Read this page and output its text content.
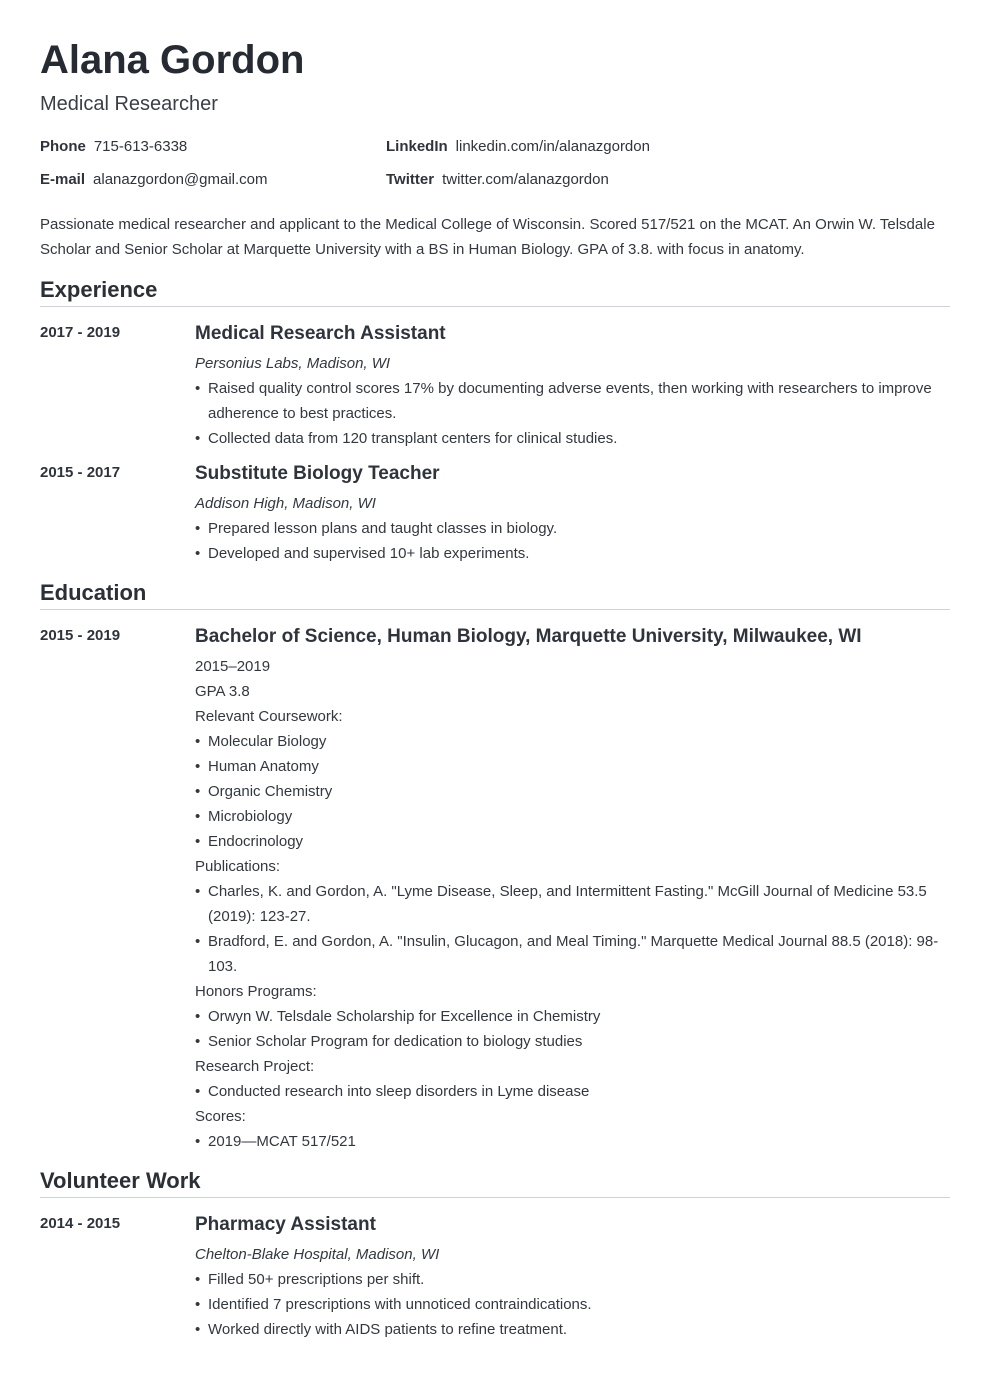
Alana Gordon
Medical Researcher
Phone 715-613-6338
E-mail alanazgordon@gmail.com
LinkedIn linkedin.com/in/alanazgordon
Twitter twitter.com/alanazgordon
Passionate medical researcher and applicant to the Medical College of Wisconsin. Scored 517/521 on the MCAT. An Orwin W. Telsdale Scholar and Senior Scholar at Marquette University with a BS in Human Biology. GPA of 3.8. with focus in anatomy.
Experience
2017 - 2019	Medical Research Assistant
Personius Labs, Madison, WI
• Raised quality control scores 17% by documenting adverse events, then working with researchers to improve adherence to best practices.
• Collected data from 120 transplant centers for clinical studies.
2015 - 2017	Substitute Biology Teacher
Addison High, Madison, WI
• Prepared lesson plans and taught classes in biology.
• Developed and supervised 10+ lab experiments.
Education
2015 - 2019	Bachelor of Science, Human Biology, Marquette University, Milwaukee, WI
2015–2019
GPA 3.8
Relevant Coursework:
• Molecular Biology
• Human Anatomy
• Organic Chemistry
• Microbiology
• Endocrinology
Publications:
• Charles, K. and Gordon, A. "Lyme Disease, Sleep, and Intermittent Fasting." McGill Journal of Medicine 53.5 (2019): 123-27.
• Bradford, E. and Gordon, A. "Insulin, Glucagon, and Meal Timing." Marquette Medical Journal 88.5 (2018): 98-103.
Honors Programs:
• Orwyn W. Telsdale Scholarship for Excellence in Chemistry
• Senior Scholar Program for dedication to biology studies
Research Project:
• Conducted research into sleep disorders in Lyme disease
Scores:
• 2019—MCAT 517/521
Volunteer Work
2014 - 2015	Pharmacy Assistant
Chelton-Blake Hospital, Madison, WI
• Filled 50+ prescriptions per shift.
• Identified 7 prescriptions with unnoticed contraindications.
• Worked directly with AIDS patients to refine treatment.
